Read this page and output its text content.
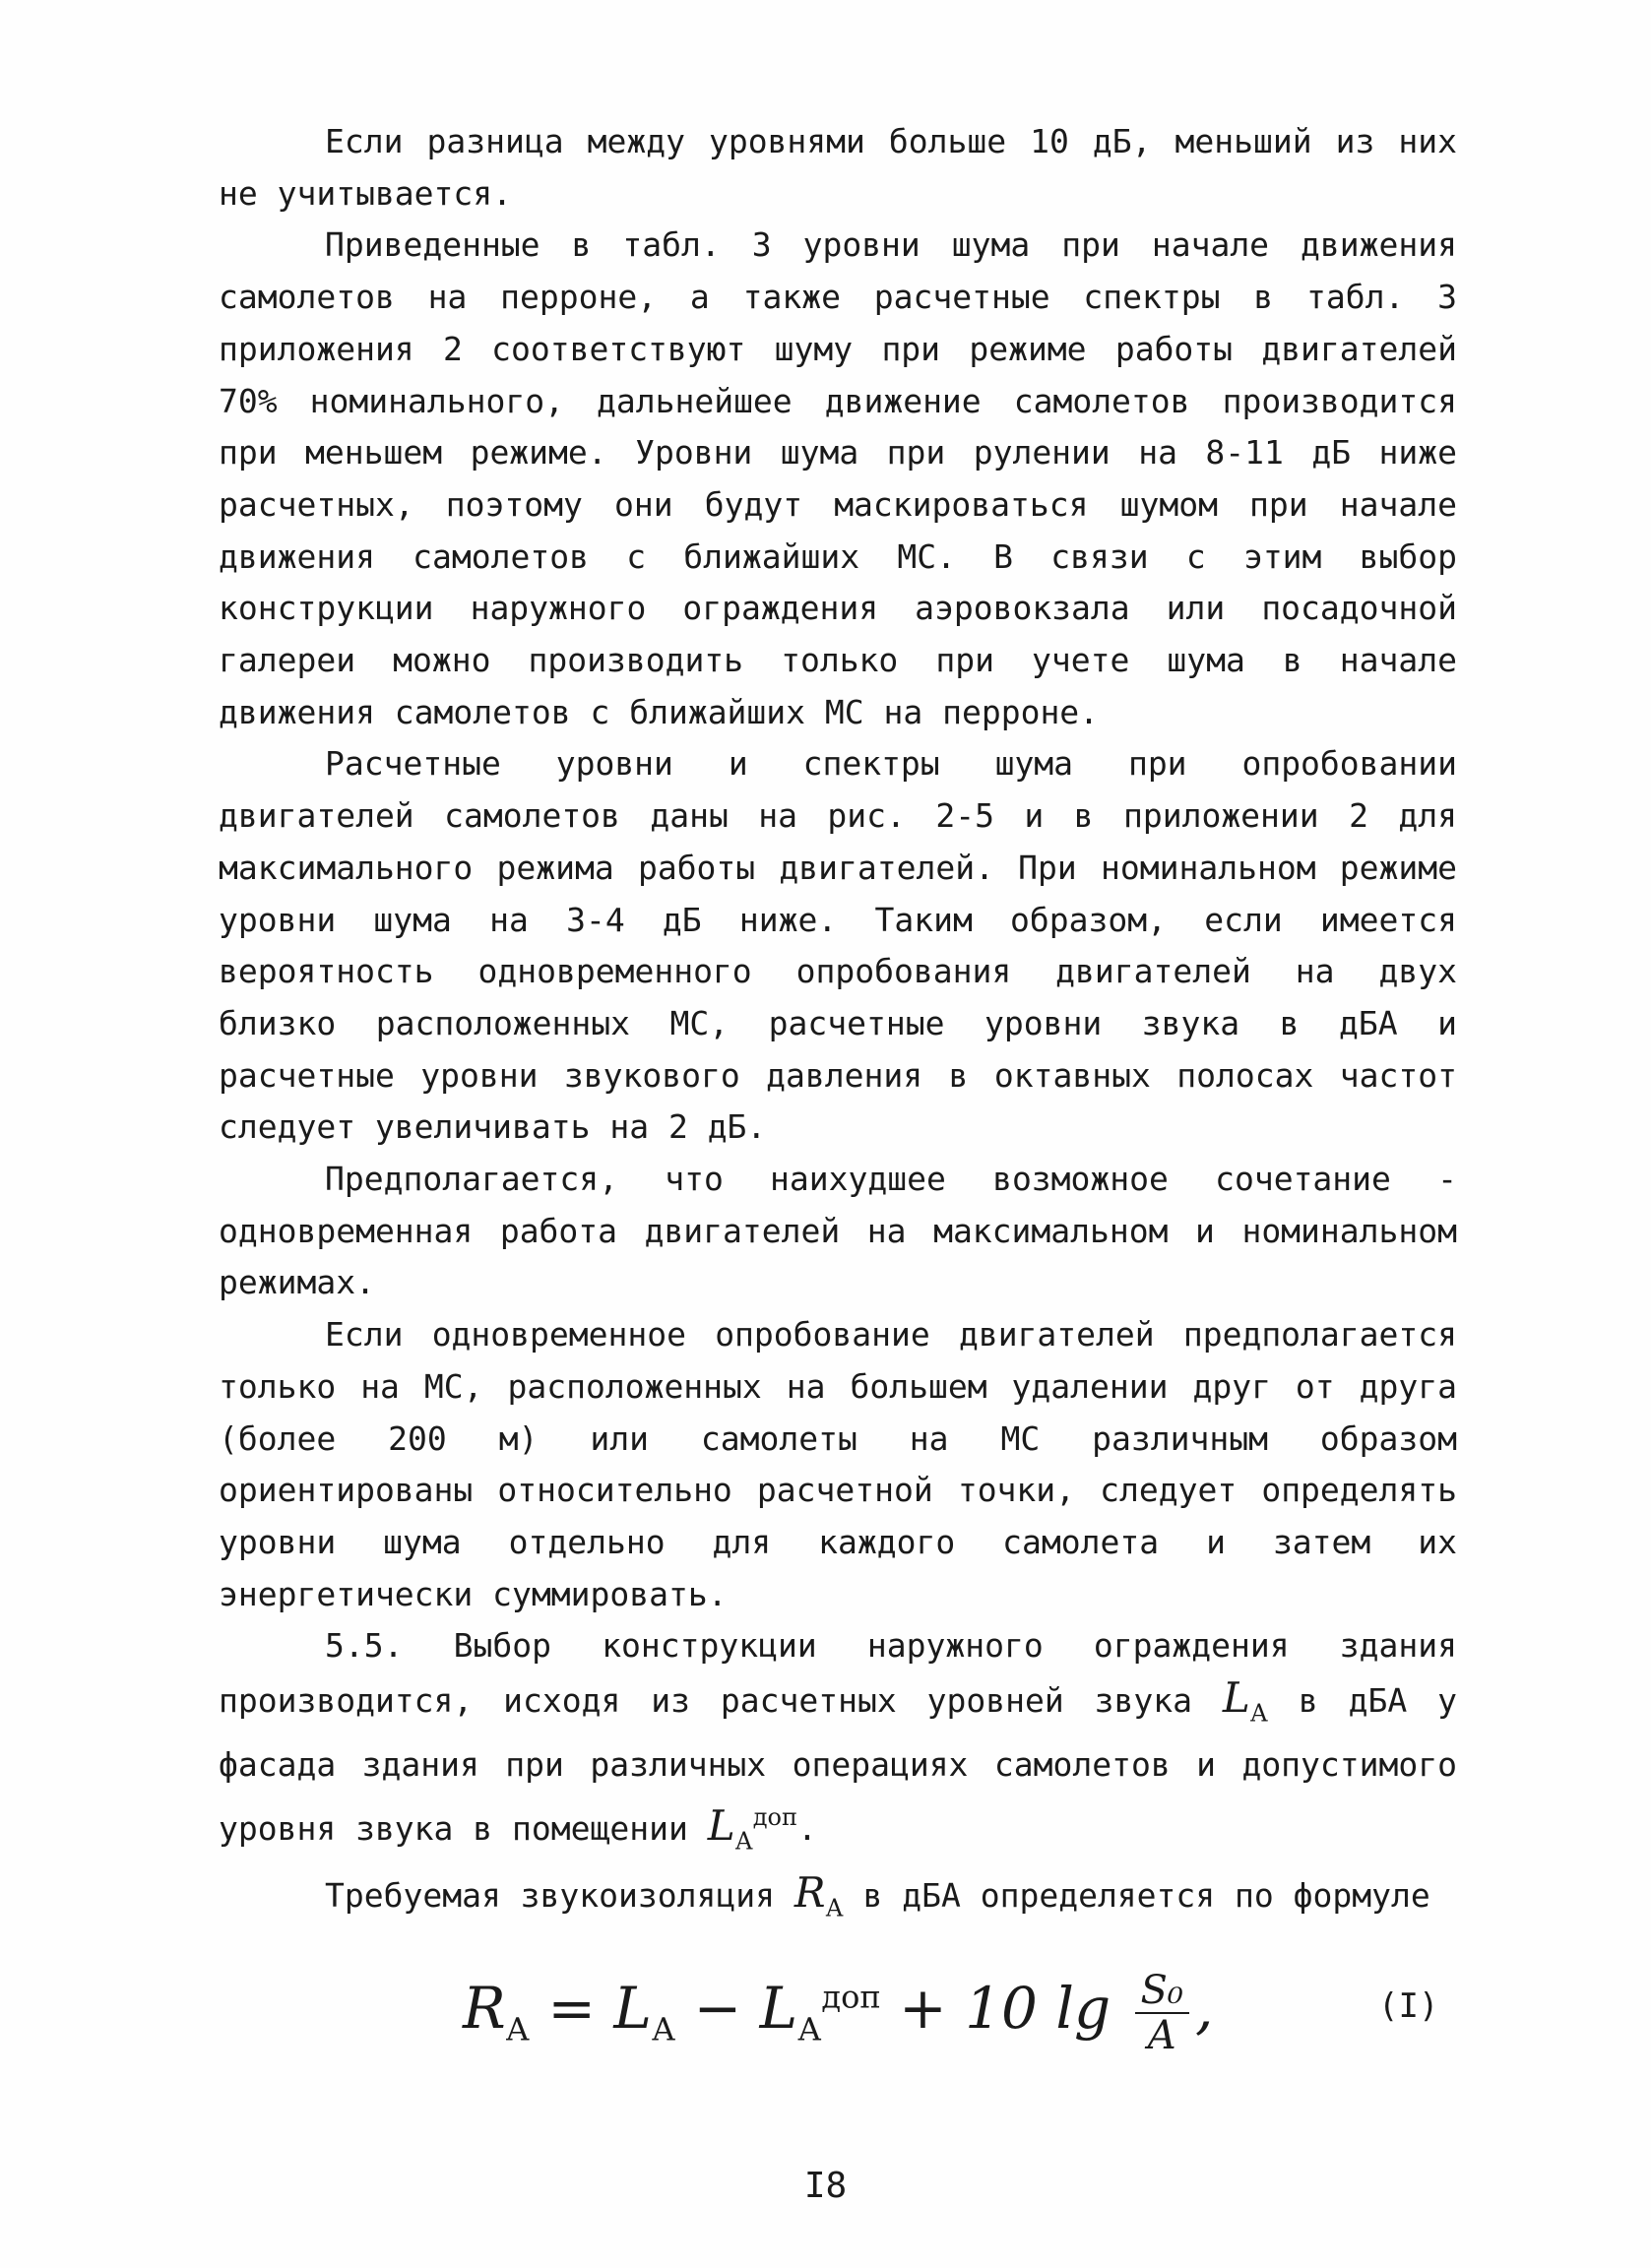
Если разница между уровнями больше 10 дБ, меньший из них не учитывается.

Приведенные в табл. 3 уровни шума при начале движения самолетов на перроне, а также расчетные спектры в табл. 3 приложения 2 соответствуют шуму при режиме работы двигателей 70% номинального, дальнейшее движение самолетов производится при меньшем режиме. Уровни шума при рулении на 8-11 дБ ниже расчетных, поэтому они будут маскироваться шумом при начале движения самолетов с ближайших МС. В связи с этим выбор конструкции наружного ограждения аэровокзала или посадочной галереи можно производить только при учете шума в начале движения самолетов с ближайших МС на перроне.

Расчетные уровни и спектры шума при опробовании двигателей самолетов даны на рис. 2-5 и в приложении 2 для максимального режима работы двигателей. При номинальном режиме уровни шума на 3-4 дБ ниже. Таким образом, если имеется вероятность одновременного опробования двигателей на двух близко расположенных МС, расчетные уровни звука в дБА и расчетные уровни звукового давления в октавных полосах частот следует увеличивать на 2 дБ.

Предполагается, что наихудшее возможное сочетание - одновременная работа двигателей на максимальном и номинальном режимах.

Если одновременное опробование двигателей предполагается только на МС, расположенных на большем удалении друг от друга (более 200 м) или самолеты на МС различным образом ориентированы относительно расчетной точки, следует определять уровни шума отдельно для каждого самолета и затем их энергетически суммировать.

5.5. Выбор конструкции наружного ограждения здания производится, исходя из расчетных уровней звука $L_А$ в дБА у фасада здания при различных операциях самолетов и допустимого уровня звука в помещении $L_А^{доп}$.

Требуемая звукоизоляция $R_А$ в дБА определяется по формуле

$R_А = L_А - L_А^{доп} + 10$ $\lg \frac{\text{S₀}}{A}$ ,	(I)
I8
